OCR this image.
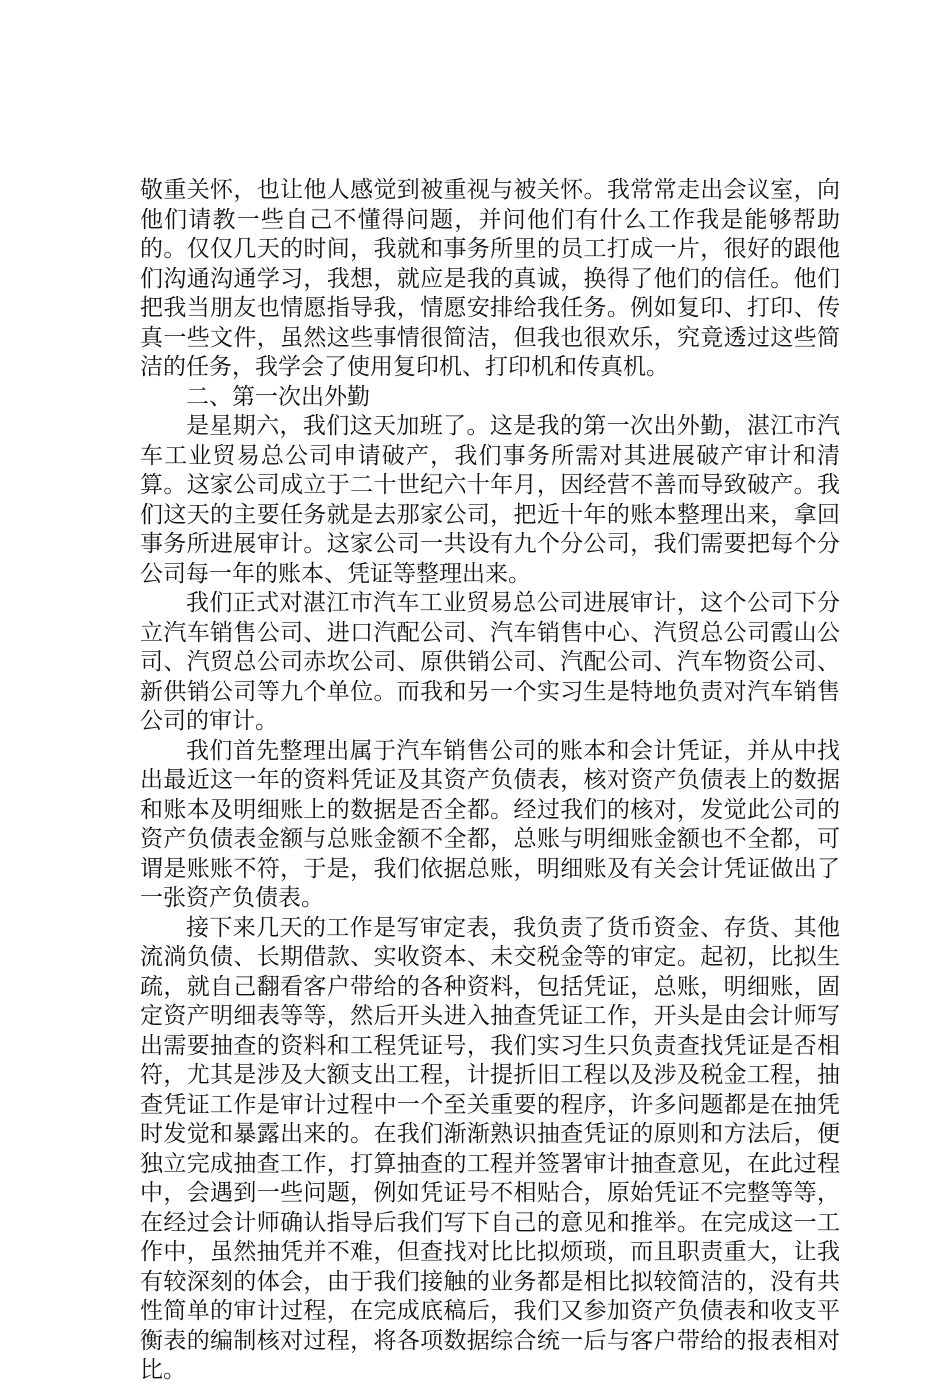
敬重关怀，也让他人感觉到被重视与被关怀。我常常走出会议室，向他们请教一些自己不懂得问题，并问他们有什么工作我是能够帮助的。仅仅几天的时间，我就和事务所里的员工打成一片，很好的跟他们沟通沟通学习，我想，就应是我的真诚，换得了他们的信任。他们把我当朋友也情愿指导我，情愿安排给我任务。例如复印、打印、传真一些文件，虽然这些事情很简洁，但我也很欢乐，究竟透过这些简洁的任务，我学会了使用复印机、打印机和传真机。

二、第一次出外勤

是星期六，我们这天加班了。这是我的第一次出外勤，湛江市汽车工业贸易总公司申请破产，我们事务所需对其进展破产审计和清算。这家公司成立于二十世纪六十年月，因经营不善而导致破产。我们这天的主要任务就是去那家公司，把近十年的账本整理出来，拿回事务所进展审计。这家公司一共设有九个分公司，我们需要把每个分公司每一年的账本、凭证等整理出来。

我们正式对湛江市汽车工业贸易总公司进展审计，这个公司下分立汽车销售公司、进口汽配公司、汽车销售中心、汽贸总公司霞山公司、汽贸总公司赤坎公司、原供销公司、汽配公司、汽车物资公司、新供销公司等九个单位。而我和另一个实习生是特地负责对汽车销售公司的审计。

我们首先整理出属于汽车销售公司的账本和会计凭证，并从中找出最近这一年的资料凭证及其资产负债表，核对资产负债表上的数据和账本及明细账上的数据是否全都。经过我们的核对，发觉此公司的资产负债表金额与总账金额不全都，总账与明细账金额也不全都，可谓是账账不符，于是，我们依据总账，明细账及有关会计凭证做出了一张资产负债表。

接下来几天的工作是写审定表，我负责了货币资金、存货、其他流淌负债、长期借款、实收资本、未交税金等的审定。起初，比拟生疏，就自己翻看客户带给的各种资料，包括凭证，总账，明细账，固定资产明细表等等，然后开头进入抽查凭证工作，开头是由会计师写出需要抽查的资料和工程凭证号，我们实习生只负责查找凭证是否相符，尤其是涉及大额支出工程，计提折旧工程以及涉及税金工程，抽查凭证工作是审计过程中一个至关重要的程序，许多问题都是在抽凭时发觉和暴露出来的。在我们渐渐熟识抽查凭证的原则和方法后，便独立完成抽查工作，打算抽查的工程并签署审计抽查意见，在此过程中，会遇到一些问题，例如凭证号不相贴合，原始凭证不完整等等，在经过会计师确认指导后我们写下自己的意见和推举。在完成这一工作中，虽然抽凭并不难，但查找对比比拟烦琐，而且职责重大，让我有较深刻的体会，由于我们接触的业务都是相比拟较简洁的，没有共性简单的审计过程，在完成底稿后，我们又参加资产负债表和收支平衡表的编制核对过程，将各项数据综合统一后与客户带给的报表相对比。
